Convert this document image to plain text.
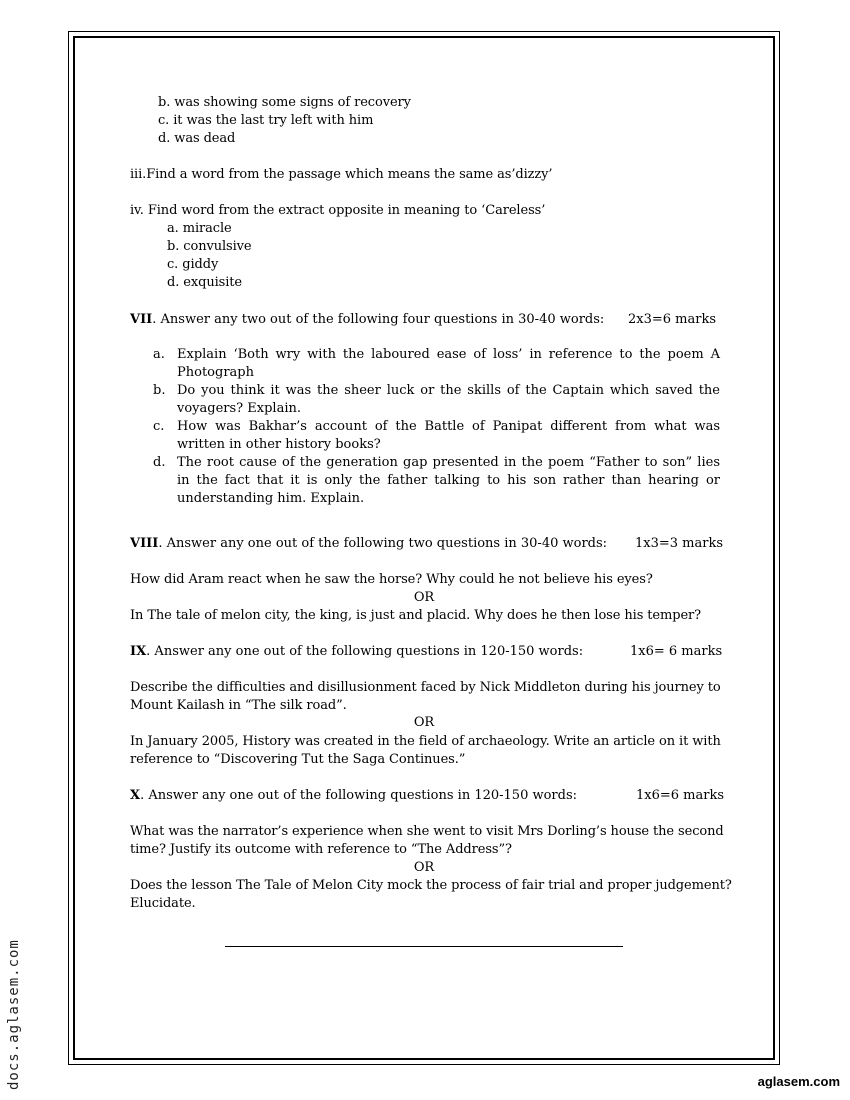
b. was showing some signs of recovery
c. it was the last try left with him
d. was dead
iii.Find a word from the passage which means the same as’dizzy’
iv. Find word from the extract opposite in meaning to ‘Careless’
a. miracle
b. convulsive
c. giddy
d. exquisite
VII. Answer any two out of the following four questions in 30-40 words: 2x3=6 marks
a. Explain ‘Both wry with the laboured ease of loss’ in reference to the poem A Photograph
b. Do you think it was the sheer luck or the skills of the Captain which saved the voyagers? Explain.
c. How was Bakhar’s account of the Battle of Panipat different from what was written in other history books?
d. The root cause of the generation gap presented in the poem “Father to son” lies in the fact that it is only the father talking to his son rather than hearing or understanding him. Explain.
VIII. Answer any one out of the following two questions in 30-40 words: 1x3=3 marks
How did Aram react when he saw the horse? Why could he not believe his eyes?
OR
In The tale of melon city, the king, is just and placid. Why does he then lose his temper?
IX. Answer any one out of the following questions in 120-150 words:	1x6= 6 marks
Describe the difficulties and disillusionment faced by Nick Middleton during his journey to
Mount Kailash in “The silk road”.
OR
In January 2005, History was created in the field of archaeology. Write an article on it with
reference to “Discovering Tut the Saga Continues.”
X. Answer any one out of the following questions in 120-150 words:	1x6=6 marks
What was the narrator’s experience when she went to visit Mrs Dorling’s house the second
time? Justify its outcome with reference to “The Address”?
OR
Does the lesson The Tale of Melon City mock the process of fair trial and proper judgement?
Elucidate.
docs.aglasem.com	aglasem.com
